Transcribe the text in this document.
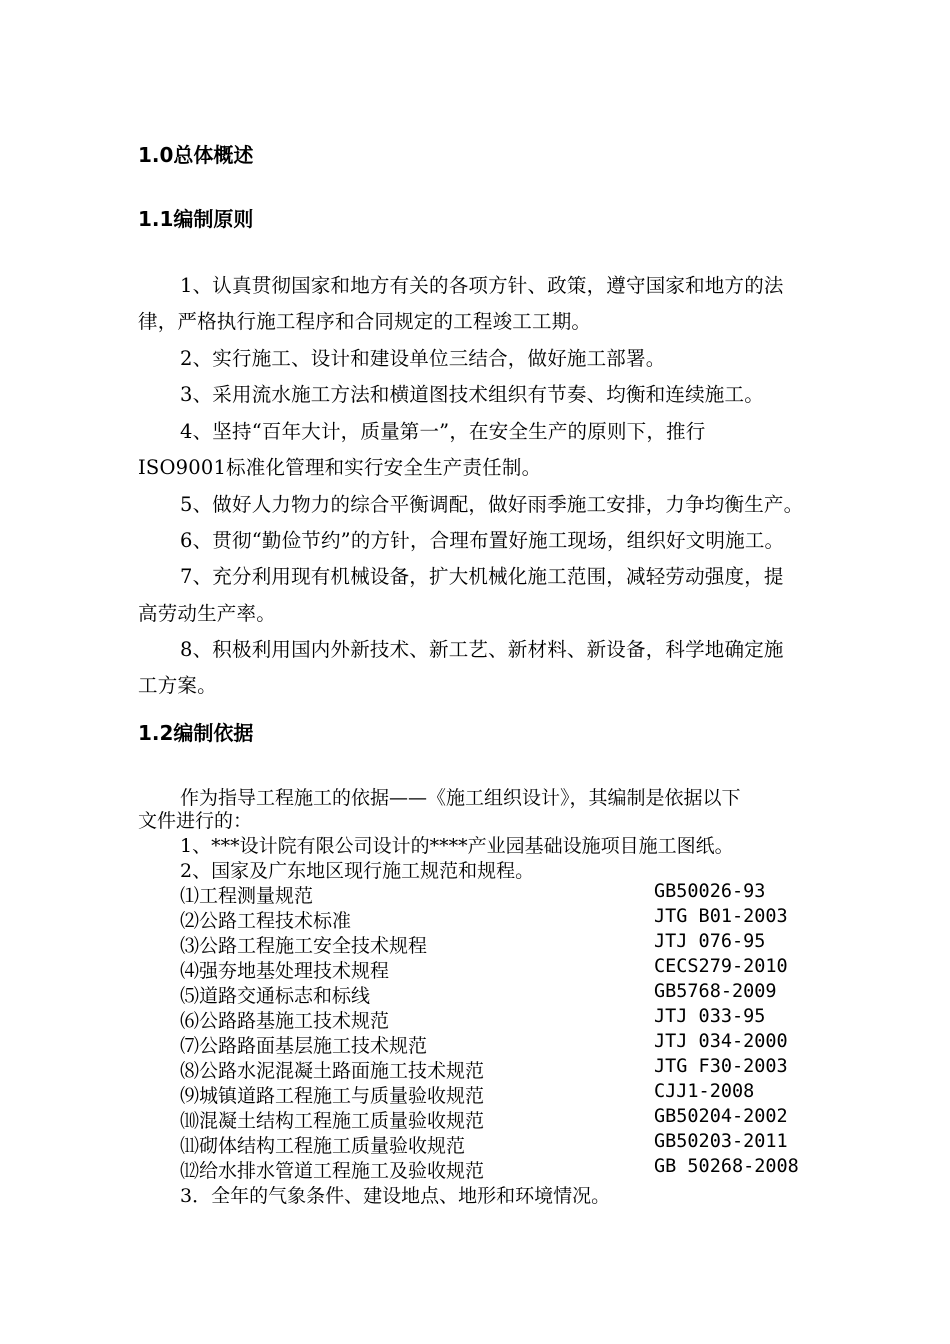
1.0总体概述
1.1编制原则
1、认真贯彻国家和地方有关的各项方针、政策，遵守国家和地方的法
律，严格执行施工程序和合同规定的工程竣工工期。
2、实行施工、设计和建设单位三结合，做好施工部署。
3、采用流水施工方法和横道图技术组织有节奏、均衡和连续施工。
4、坚持“百年大计，质量第一”，在安全生产的原则下，推行
ISO9001标准化管理和实行安全生产责任制。
5、做好人力物力的综合平衡调配，做好雨季施工安排，力争均衡生产。
6、贯彻“勤俭节约”的方针，合理布置好施工现场，组织好文明施工。
7、充分利用现有机械设备，扩大机械化施工范围，减轻劳动强度，提
高劳动生产率。
8、积极利用国内外新技术、新工艺、新材料、新设备，科学地确定施
工方案。
1.2编制依据
作为指导工程施工的依据——《施工组织设计》，其编制是依据以下
文件进行的：
1、***设计院有限公司设计的****产业园基础设施项目施工图纸。
2、国家及广东地区现行施工规范和规程。
⑴工程测量规范	GB50026-93
⑵公路工程技术标准	JTG B01-2003
⑶公路工程施工安全技术规程	JTJ 076-95
⑷强夯地基处理技术规程	CECS279-2010
⑸道路交通标志和标线	GB5768-2009
⑹公路路基施工技术规范	JTJ 033-95
⑺公路路面基层施工技术规范	JTJ 034-2000
⑻公路水泥混凝土路面施工技术规范	JTG F30-2003
⑼城镇道路工程施工与质量验收规范	CJJ1-2008
⑽混凝土结构工程施工质量验收规范	GB50204-2002
⑾砌体结构工程施工质量验收规范	GB50203-2011
⑿给水排水管道工程施工及验收规范	GB 50268-2008
3．全年的气象条件、建设地点、地形和环境情况。
